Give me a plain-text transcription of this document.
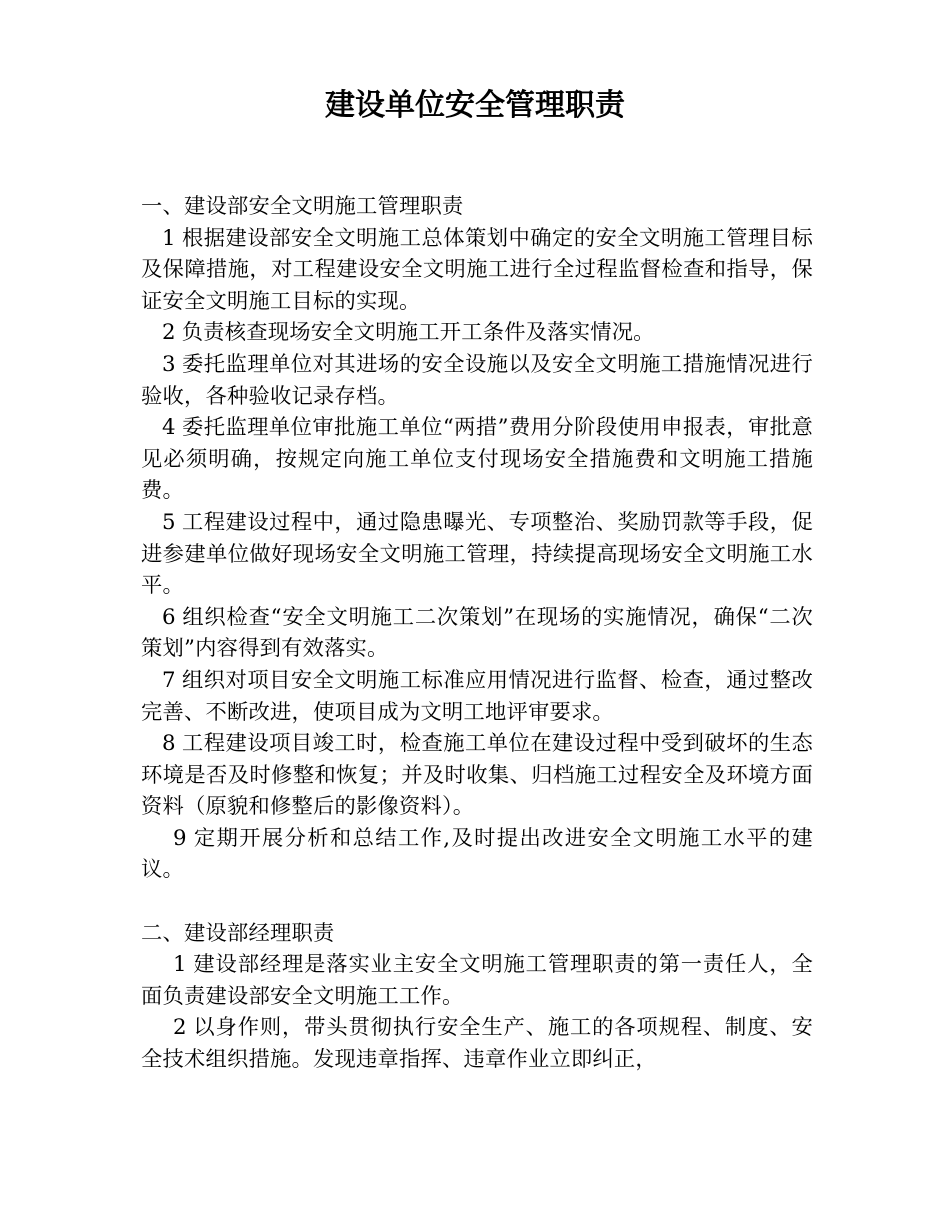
建设单位安全管理职责
一、建设部安全文明施工管理职责

1 根据建设部安全文明施工总体策划中确定的安全文明施工管理目标及保障措施，对工程建设安全文明施工进行全过程监督检查和指导，保证安全文明施工目标的实现。

2 负责核查现场安全文明施工开工条件及落实情况。

3 委托监理单位对其进场的安全设施以及安全文明施工措施情况进行验收，各种验收记录存档。

4 委托监理单位审批施工单位“两措”费用分阶段使用申报表，审批意见必须明确，按规定向施工单位支付现场安全措施费和文明施工措施费。

5 工程建设过程中，通过隐患曝光、专项整治、奖励罚款等手段，促进参建单位做好现场安全文明施工管理，持续提高现场安全文明施工水平。

6 组织检查“安全文明施工二次策划”在现场的实施情况，确保“二次策划”内容得到有效落实。

7 组织对项目安全文明施工标准应用情况进行监督、检查，通过整改完善、不断改进，使项目成为文明工地评审要求。

8 工程建设项目竣工时，检查施工单位在建设过程中受到破坏的生态环境是否及时修整和恢复；并及时收集、归档施工过程安全及环境方面资料（原貌和修整后的影像资料）。

9 定期开展分析和总结工作,及时提出改进安全文明施工水平的建议。

二、建设部经理职责

1 建设部经理是落实业主安全文明施工管理职责的第一责任人，全面负责建设部安全文明施工工作。

2 以身作则，带头贯彻执行安全生产、施工的各项规程、制度、安全技术组织措施。发现违章指挥、违章作业立即纠正，
